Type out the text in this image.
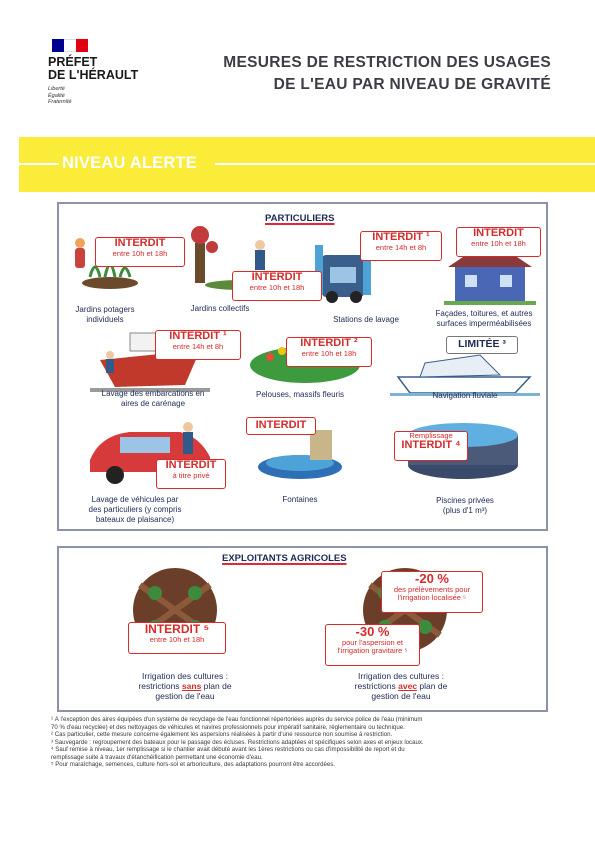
PRÉFET
DE L'HÉRAULT
Liberté
Égalité
Fraternité
MESURES DE RESTRICTION DES USAGES
DE L'EAU PAR NIVEAU DE GRAVITÉ
NIVEAU ALERTE
PARTICULIERS
INTERDIT
entre 10h et 18h
INTERDIT
entre 10h et 18h
INTERDIT ¹
entre 14h et 8h
INTERDIT
entre 10h et 18h
INTERDIT ¹
entre 14h et 8h	INTERDIT ²
entre 10h et 18h
LIMITÉE ³
INTERDIT
à titre privé
INTERDIT
Remplissage
INTERDIT ⁴
Jardins potagers
individuels
Jardins collectifs
Stations de lavage
Façades, toitures, et autres
surfaces imperméabilisées
Lavage des embarcations en
aires de carénage
Pelouses, massifs fleuris	Navigation fluviale
Lavage de véhicules par
des particuliers (y compris
bateaux de plaisance)
Fontaines	Piscines privées
(plus d'1 m³)
EXPLOITANTS AGRICOLES
INTERDIT ⁵
entre 10h et 18h
-20 %
des prélèvements pour
l'irrigation localisée ⁵
-30 %
pour l'aspersion et
l'irrigation gravitaire ⁵
Irrigation des cultures :
restrictions sans plan de
gestion de l'eau
Irrigation des cultures :
restrictions avec plan de
gestion de l'eau
¹ À l'exception des aires équipées d'un système de recyclage de l'eau fonctionnel répertoriées auprès du service police de l'eau (minimum
70 % d'eau recyclée) et des nettoyages de véhicules et navires professionnels pour impératif sanitaire, réglementaire ou technique.
² Cas particulier, cette mesure concerne également les aspersions réalisées à partir d'une ressource non soumise à restriction.
³ Sauvegarde : regroupement des bateaux pour le passage des écluses. Restrictions adaptées et spécifiques selon axes et enjeux locaux.
⁴ Sauf remise à niveau, 1er remplissage si le chantier avait débuté avant les 1ères restrictions ou cas d'impossibilité de report et du
remplissage suite à travaux d'étanchéification permettant une économie d'eau.
⁵ Pour maraîchage, semences, culture hors-sol et arboriculture, des adaptations pourront être accordées.
